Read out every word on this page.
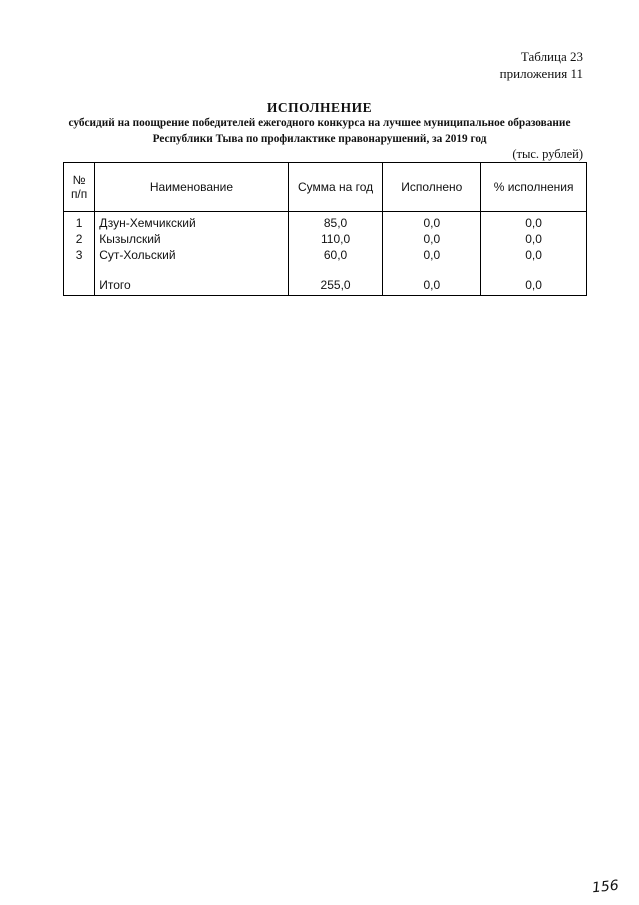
Таблица 23
приложения 11
ИСПОЛНЕНИЕ
субсидий на поощрение победителей ежегодного конкурса на лучшее муниципальное образование
Республики Тыва по профилактике правонарушений, за 2019 год
(тыс. рублей)
№
п/п	Наименование	Сумма на год	Исполнено	% исполнения
1	Дзун-Хемчикский	85,0	0,0	0,0
2	Кызылский	110,0	0,0	0,0
3	Сут-Хольский	60,0	0,0	0,0

	Итого	255,0	0,0	0,0
156
